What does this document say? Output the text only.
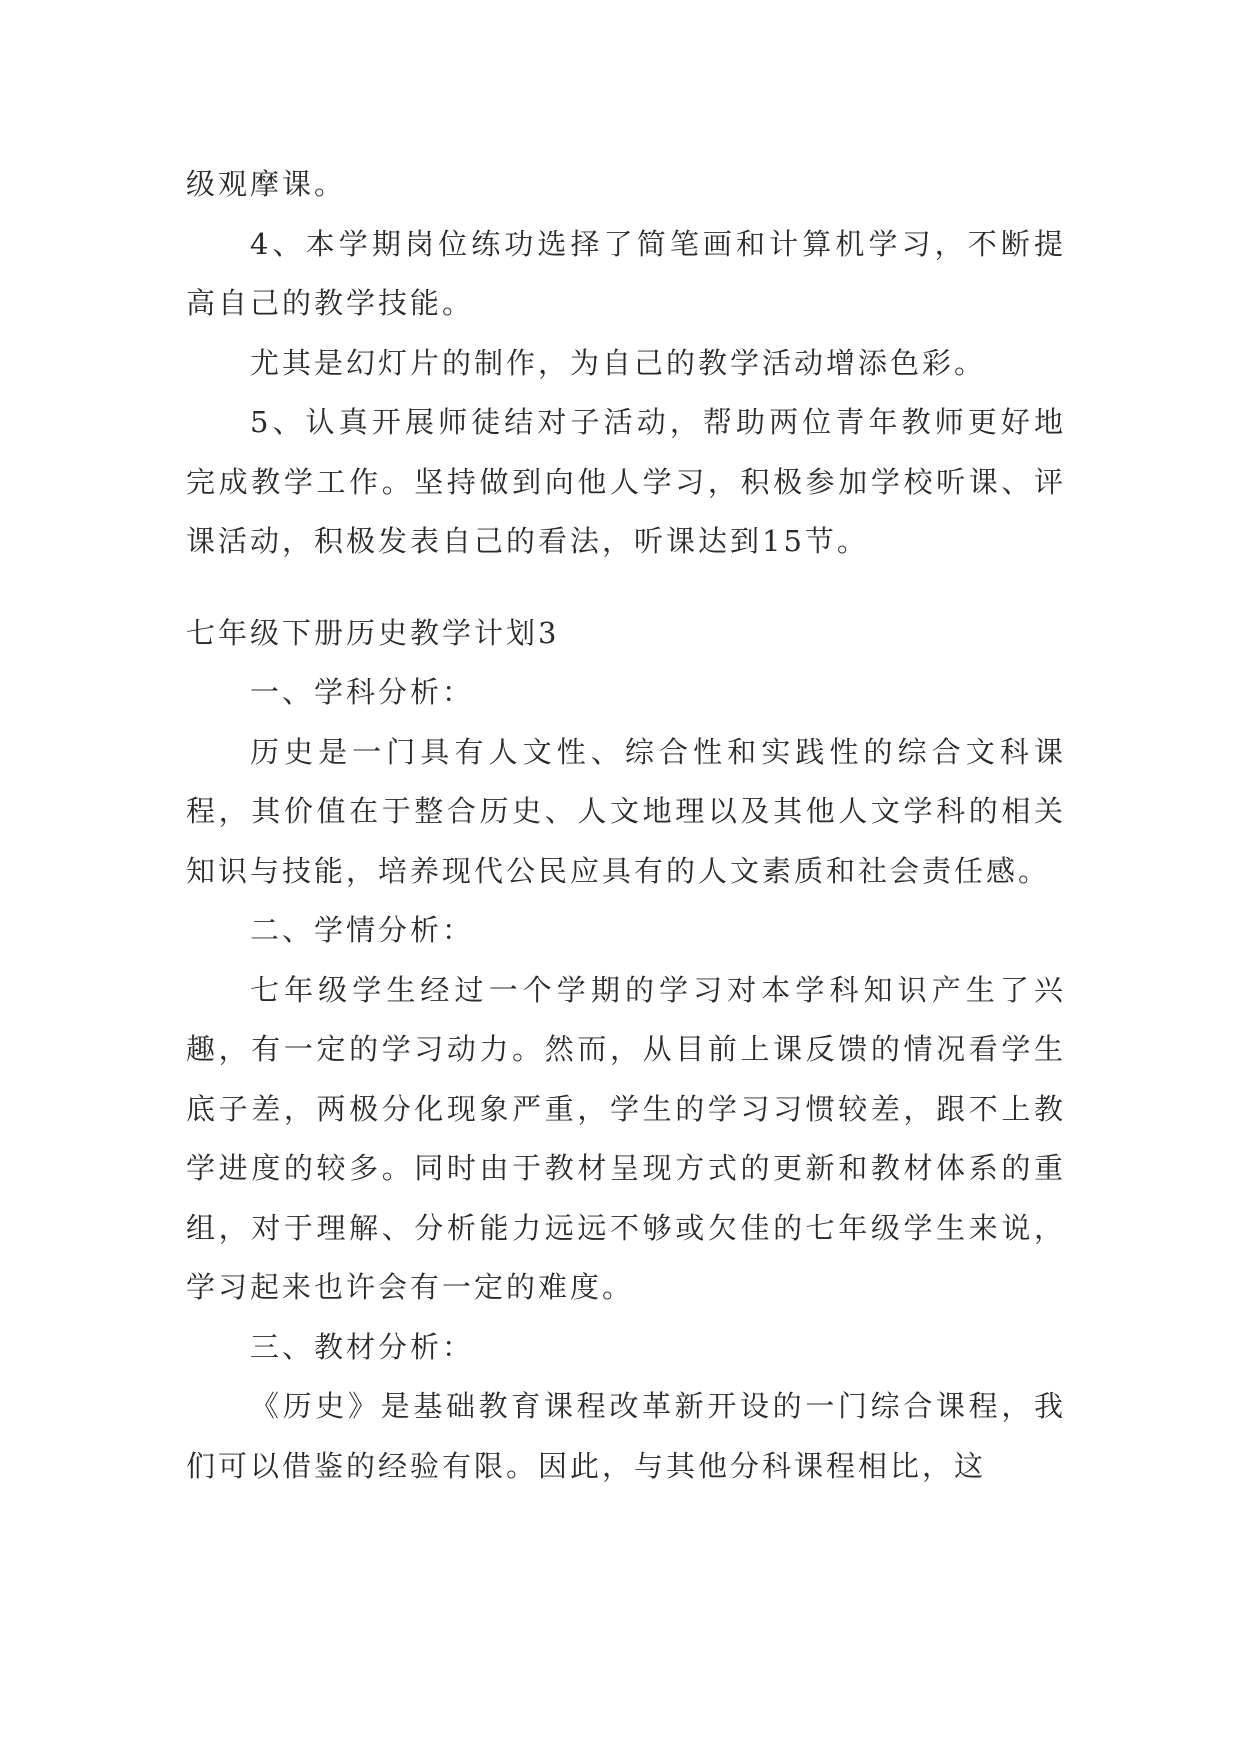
级观摩课。

4、本学期岗位练功选择了简笔画和计算机学习，不断提高自己的教学技能。

尤其是幻灯片的制作，为自己的教学活动增添色彩。

5、认真开展师徒结对子活动，帮助两位青年教师更好地完成教学工作。坚持做到向他人学习，积极参加学校听课、评课活动，积极发表自己的看法，听课达到15节。

七年级下册历史教学计划3

一、学科分析：

历史是一门具有人文性、综合性和实践性的综合文科课程，其价值在于整合历史、人文地理以及其他人文学科的相关知识与技能，培养现代公民应具有的人文素质和社会责任感。

二、学情分析：

七年级学生经过一个学期的学习对本学科知识产生了兴趣，有一定的学习动力。然而，从目前上课反馈的情况看学生底子差，两极分化现象严重，学生的学习习惯较差，跟不上教学进度的较多。同时由于教材呈现方式的更新和教材体系的重组，对于理解、分析能力远远不够或欠佳的七年级学生来说，学习起来也许会有一定的难度。

三、教材分析：

《历史》是基础教育课程改革新开设的一门综合课程，我们可以借鉴的经验有限。因此，与其他分科课程相比，这
